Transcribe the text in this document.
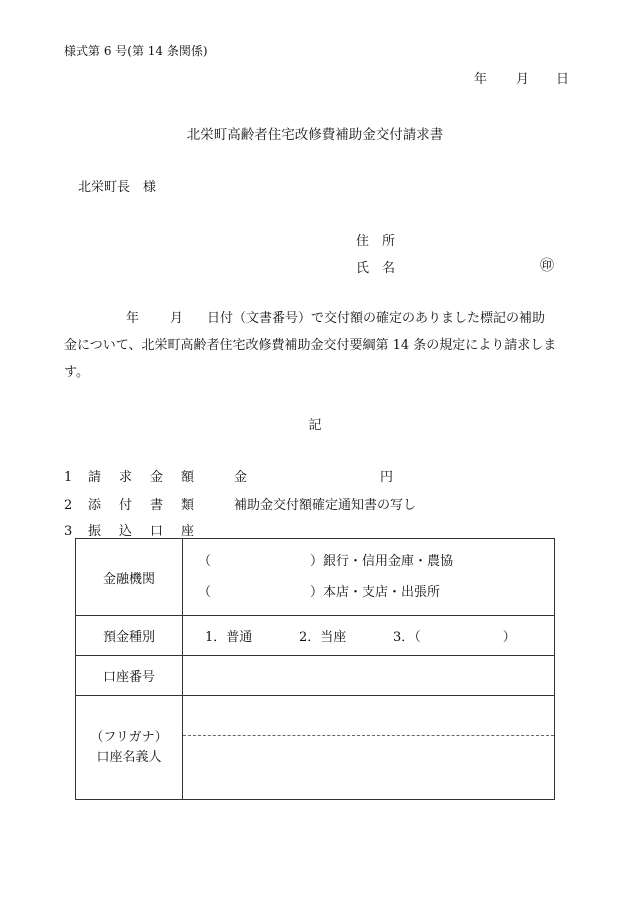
様式第 6 号(第 14 条関係)
年 月 日
北栄町高齢者住宅改修費補助金交付請求書
北栄町長　様
住　所
氏　名	㊞

年 月 日付（文書番号）で交付額の確定のありました標記の補助

金について、北栄町高齢者住宅改修費補助金交付要綱第 14 条の規定により請求しま

す。

記
1 請 求 金 額	金	円
2 添 付 書 類	補助金交付額確定通知書の写し
3 振 込 口 座
金融機関	（ ）銀行・信用金庫・農協
（ ）本店・支店・出張所

預金種別	1．普通 2．当座 3．（ ）
口座番号	

（フリガナ）
口座名義人	
